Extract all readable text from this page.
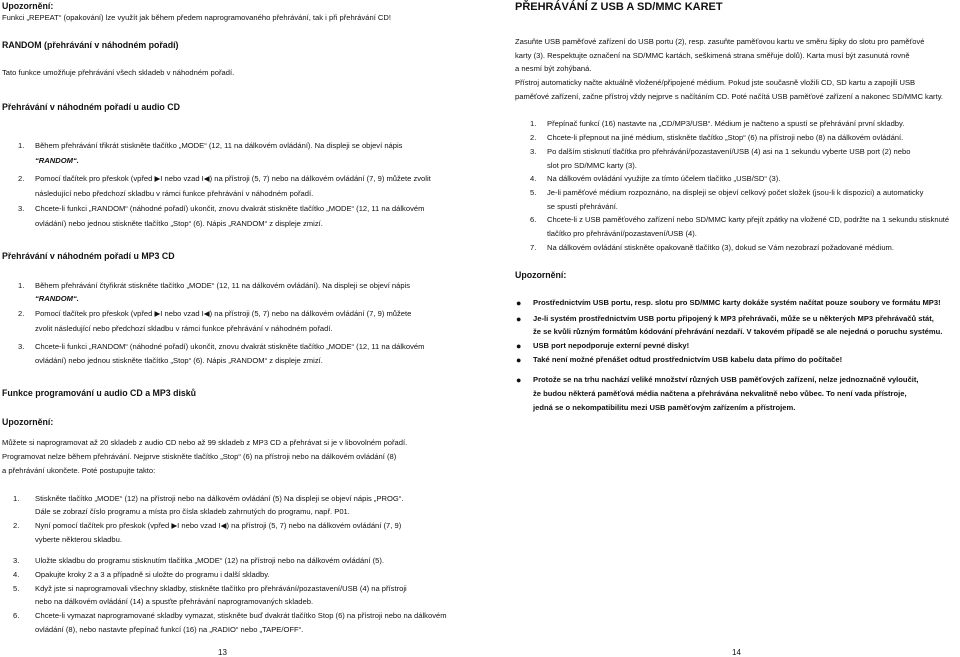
Upozornění:
Funkci „REPEAT“ (opakování) lze využít jak během předem naprogramovaného přehrávání, tak i při přehrávání CD!
RANDOM (přehrávání v náhodném pořadí)
Tato funkce umožňuje přehrávání všech skladeb v náhodném pořadí.
Přehrávání v náhodném pořadí u audio CD
1. Během přehrávání třikrát stiskněte tlačítko „MODE“ (12, 11 na dálkovém ovládání). Na displeji se objeví nápis
“RANDOM“.
2. Pomocí tlačítek pro přeskok (vpřed ▶I nebo vzad I◀) na přístroji (5, 7) nebo na dálkovém ovládání (7, 9) můžete zvolit
následující nebo předchozí skladbu v rámci funkce přehrávání v náhodném pořadí.
3. Chcete-li funkci „RANDOM“ (náhodné pořadí) ukončit, znovu dvakrát stiskněte tlačítko „MODE“ (12, 11 na dálkovém
ovládání) nebo jednou stiskněte tlačítko „Stop“ (6). Nápis „RANDOM“ z displeje zmizí.
Přehrávání v náhodném pořadí u MP3 CD
1. Během přehrávání čtyřikrát stiskněte tlačítko „MODE“ (12, 11 na dálkovém ovládání). Na displeji se objeví nápis
“RANDOM“.
2. Pomocí tlačítek pro přeskok (vpřed ▶I nebo vzad I◀) na přístroji (5, 7) nebo na dálkovém ovládání (7, 9) můžete
zvolit následující nebo předchozí skladbu v rámci funkce přehrávání v náhodném pořadí.
3. Chcete-li funkci „RANDOM“ (náhodné pořadí) ukončit, znovu dvakrát stiskněte tlačítko „MODE“ (12, 11 na dálkovém
ovládání) nebo jednou stiskněte tlačítko „Stop“ (6). Nápis „RANDOM“ z displeje zmizí.
Funkce programování u audio CD a MP3 disků
Upozornění:
Můžete si naprogramovat až 20 skladeb z audio CD nebo až 99 skladeb z MP3 CD a přehrávat si je v libovolném pořadí.
Programovat nelze během přehrávání. Nejprve stiskněte tlačítko „Stop“ (6) na přístroji nebo na dálkovém ovládání (8)
a přehrávání ukončete. Poté postupujte takto:
1. Stiskněte tlačítko „MODE“ (12) na přístroji nebo na dálkovém ovládání (5) Na displeji se objeví nápis „PROG“.
Dále se zobrazí číslo programu a místa pro čísla skladeb zahrnutých do programu, např. P01.
2. Nyní pomocí tlačítek pro přeskok (vpřed ▶I nebo vzad I◀) na přístroji (5, 7) nebo na dálkovém ovládání (7, 9)
vyberte některou skladbu.
3. Uložte skladbu do programu stisknutím tlačítka „MODE“ (12) na přístroji nebo na dálkovém ovládání (5).
4. Opakujte kroky 2 a 3 a případně si uložte do programu i další skladby.
5. Když jste si naprogramovali všechny skladby, stiskněte tlačítko pro přehrávání/pozastavení/USB (4) na přístroji
nebo na dálkovém ovládání (14) a spusťte přehrávání naprogramovaných skladeb.
6. Chcete-li vymazat naprogramované skladby vymazat, stiskněte buď dvakrát tlačítko Stop (6) na přístroji nebo na dálkovém
ovládání (8), nebo nastavte přepínač funkcí (16) na „RADIO“ nebo „TAPE/OFF“.
13
PŘEHRÁVÁNÍ Z USB A SD/MMC KARET
Zasuňte USB paměťové zařízení do USB portu (2), resp. zasuňte paměťovou kartu ve směru šipky do slotu pro paměťové
karty (3). Respektujte označení na SD/MMC kartách, seškimená strana směřuje dolů). Karta musí být zasunutá rovně
a nesmí být zohýbaná.
Přístroj automaticky načte aktuálně vložené/připojené médium. Pokud jste současně vložili CD, SD kartu a zapojili USB
paměťové zařízení, začne přístroj vždy nejprve s načítáním CD. Poté načítá USB paměťové zařízení a nakonec SD/MMC karty.
1. Přepínač funkcí (16) nastavte na „CD/MP3/USB“. Médium je načteno a spustí se přehrávání první skladby.
2. Chcete-li přepnout na jiné médium, stiskněte tlačítko „Stop“ (6) na přístroji nebo (8) na dálkovém ovládání.
3. Po dalším stisknutí tlačítka pro přehrávání/pozastavení/USB (4) asi na 1 sekundu vyberte USB port (2) nebo
slot pro SD/MMC karty (3).
4. Na dálkovém ovládání využijte za tímto účelem tlačítko „USB/SD“ (3).
5. Je-li paměťové médium rozpoznáno, na displeji se objeví celkový počet složek (jsou-li k dispozici) a automaticky
se spustí přehrávání.
6. Chcete-li z USB paměťového zařízení nebo SD/MMC karty přejít zpátky na vložené CD, podržte na 1 sekundu stisknuté
tlačítko pro přehrávání/pozastavení/USB (4).
7. Na dálkovém ovládání stiskněte opakovaně tlačítko (3), dokud se Vám nezobrazí požadované médium.
Upozornění:
● Prostřednictvím USB portu, resp. slotu pro SD/MMC karty dokáže systém načítat pouze soubory ve formátu MP3!
● Je-li systém prostřednictvím USB portu připojený k MP3 přehrávači, může se u některých MP3 přehrávačů stát,
že se kvůli různým formátům kódování přehrávání nezdaří. V takovém případě se ale nejedná o poruchu systému.
● USB port nepodporuje externí pevné disky!
● Také není možné přenášet odtud prostřednictvím USB kabelu data přímo do počítače!
● Protože se na trhu nachází veliké množství různých USB paměťových zařízení, nelze jednoznačně vyloučit,
že budou některá paměťová média načtena a přehrávána nekvalitně nebo vůbec. To není vada přístroje,
jedná se o nekompatibilitu mezi USB paměťovým zařízením a přístrojem.
14
